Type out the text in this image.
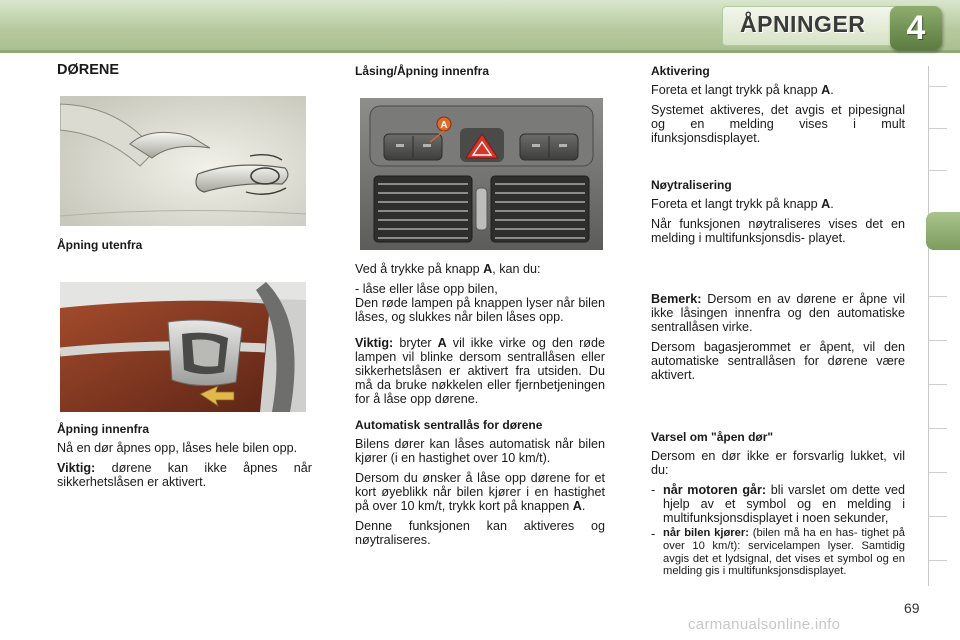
ÅPNINGER	4
DØRENE

Åpning utenfra

Åpning innenfra

Nå en dør åpnes opp, låses hele bilen opp.

Viktig: dørene kan ikke åpnes når sikkerhetslåsen er aktivert.

Låsing/Åpning innenfra

A

Ved å trykke på knapp A, kan du:

- låse eller låse opp bilen,

Den røde lampen på knappen lyser når bilen låses, og slukkes når bilen låses opp.

Viktig: bryter A vil ikke virke og den røde lampen vil blinke dersom sentrallåsen eller sikkerhetslåsen er aktivert fra utsiden. Du må da bruke nøkkelen eller fjernbetjeningen for å låse opp dørene.

Automatisk sentrallås for dørene

Bilens dører kan låses automatisk når bilen kjører (i en hastighet over 10 km/t).

Dersom du ønsker å låse opp dørene for et kort øyeblikk når bilen kjører i en hastighet på over 10 km/t, trykk kort på knappen A.

Denne funksjonen kan aktiveres og nøytraliseres.

Aktivering

Foreta et langt trykk på knapp A.

Systemet aktiveres, det avgis et pipesignal og en melding vises i mult ifunksjonsdisplayet.

Nøytralisering

Foreta et langt trykk på knapp A.

Når funksjonen nøytraliseres vises det en melding i multifunksjonsdis- playet.

Bemerk: Dersom en av dørene er åpne vil ikke låsingen innenfra og den automatiske sentrallåsen virke.

Dersom bagasjerommet er åpent, vil den automatiske sentrallåsen for dørene være aktivert.

Varsel om "åpen dør"

Dersom en dør ikke er forsvarlig lukket, vil du:

- når motoren går: bli varslet om dette ved hjelp av et symbol og en melding i multifunksjonsdisplayet i noen sekunder,
- når bilen kjører: (bilen må ha en has- tighet på over 10 km/t): servicelampen lyser. Samtidig avgis det et lydsignal, det vises et symbol og en melding gis i multifunksjonsdisplayet.
69
carmanualsonline.info
